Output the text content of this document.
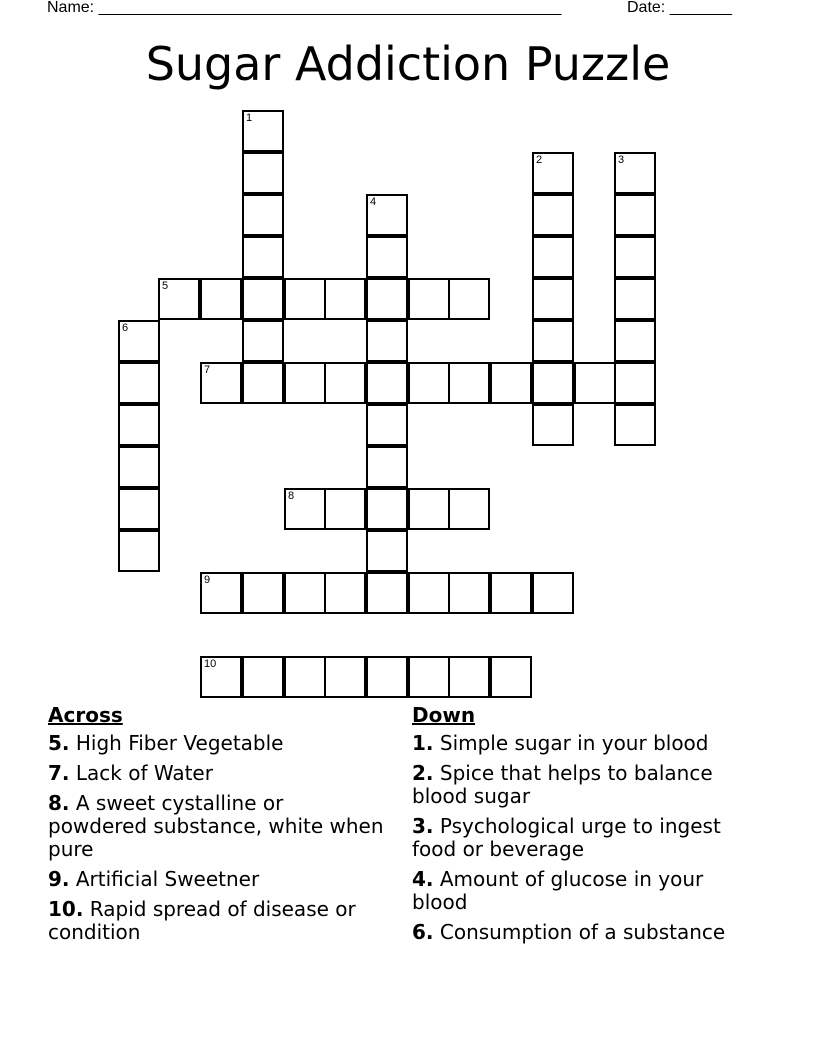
Name: ____________________________________________________	Date: _______
Sugar Addiction Puzzle
1
2	3
4
5
6
7
8
9
10
Across
5. High Fiber Vegetable
7. Lack of Water
8. A sweet cystalline or powdered substance, white when pure
9. Artificial Sweetner
10. Rapid spread of disease or condition
Down
1. Simple sugar in your blood
2. Spice that helps to balance blood sugar
3. Psychological urge to ingest food or beverage
4. Amount of glucose in your blood
6. Consumption of a substance
